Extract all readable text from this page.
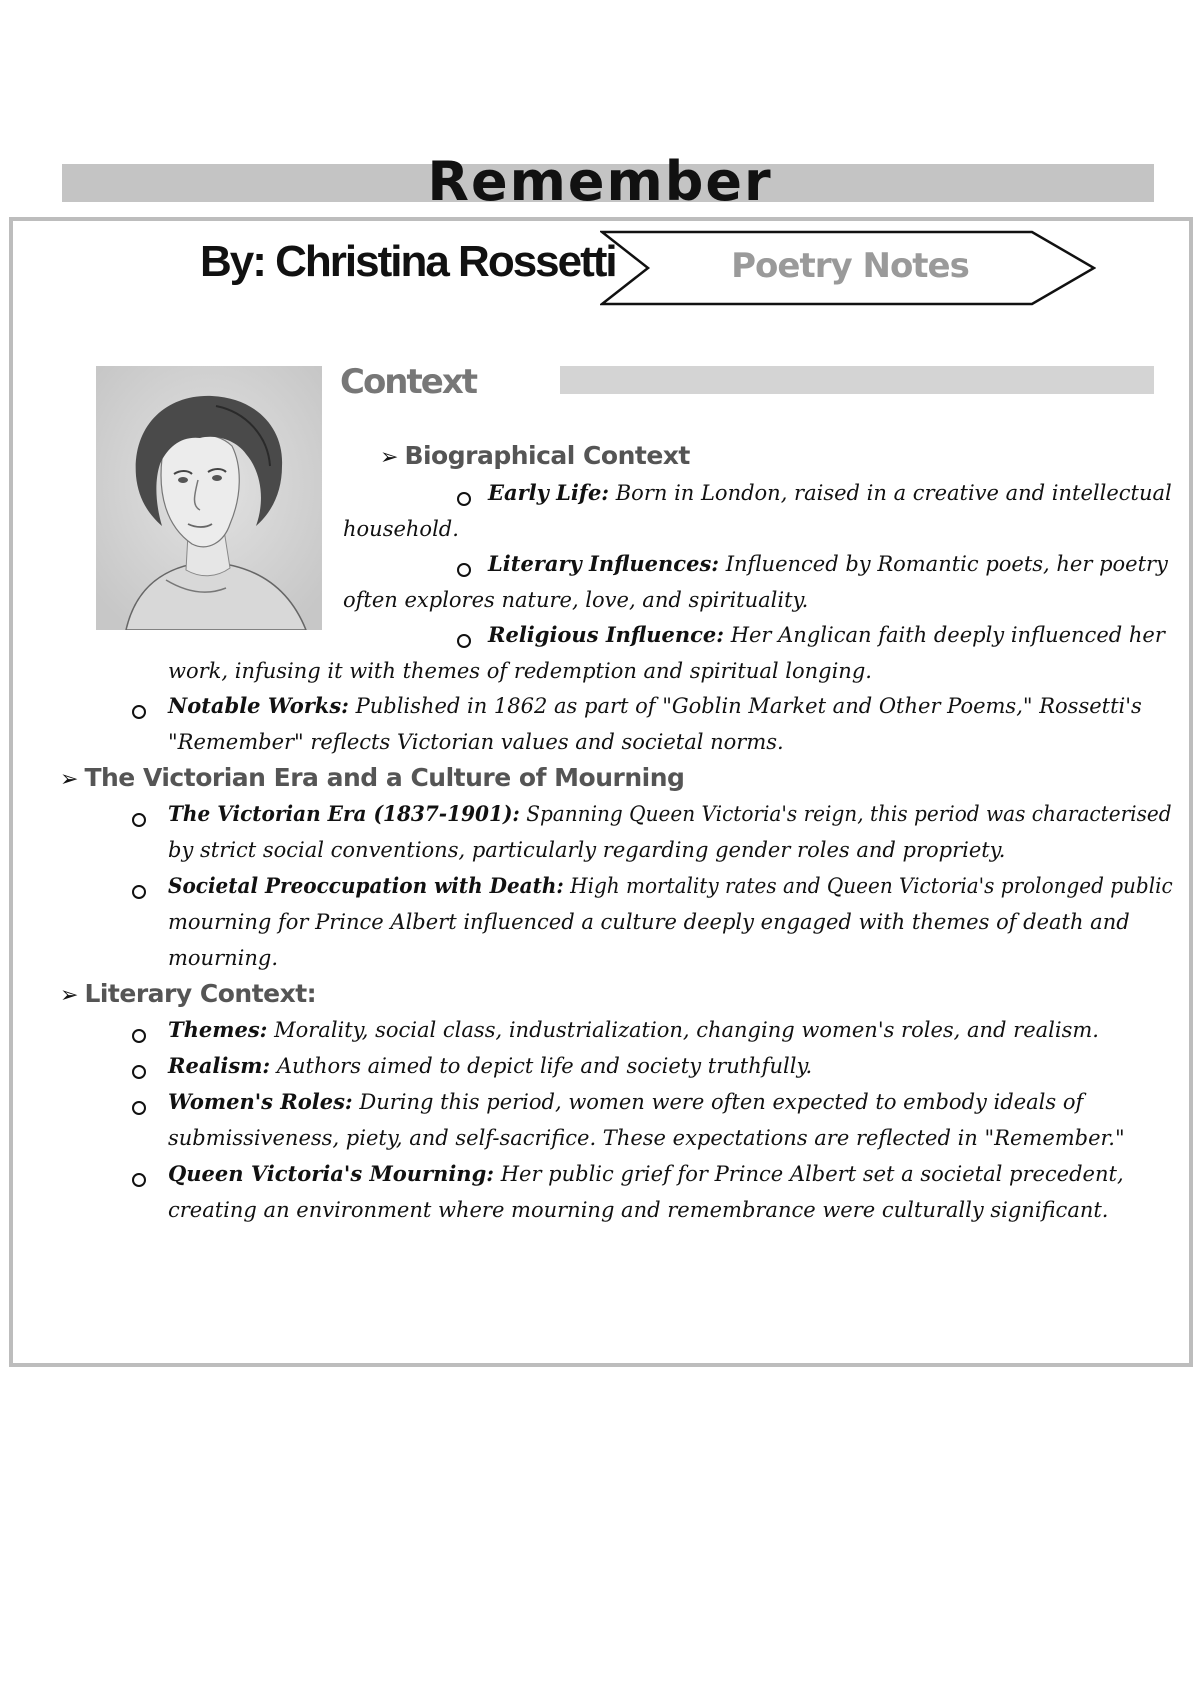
Remember
By: Christina Rossetti	Poetry Notes
Context
➢ Biographical Context

Early Life: Born in London, raised in a creative and intellectual

household.

Literary Influences: Influenced by Romantic poets, her poetry

often explores nature, love, and spirituality.

Religious Influence: Her Anglican faith deeply influenced her

work, infusing it with themes of redemption and spiritual longing.

Notable Works: Published in 1862 as part of "Goblin Market and Other Poems," Rossetti's

"Remember" reflects Victorian values and societal norms.

➢ The Victorian Era and a Culture of Mourning

The Victorian Era (1837-1901): Spanning Queen Victoria's reign, this period was characterised

by strict social conventions, particularly regarding gender roles and propriety.

Societal Preoccupation with Death: High mortality rates and Queen Victoria's prolonged public

mourning for Prince Albert influenced a culture deeply engaged with themes of death and

mourning.

➢ Literary Context:

Themes: Morality, social class, industrialization, changing women's roles, and realism.

Realism: Authors aimed to depict life and society truthfully.

Women's Roles: During this period, women were often expected to embody ideals of

submissiveness, piety, and self-sacrifice. These expectations are reflected in "Remember."

Queen Victoria's Mourning: Her public grief for Prince Albert set a societal precedent,

creating an environment where mourning and remembrance were culturally significant.
